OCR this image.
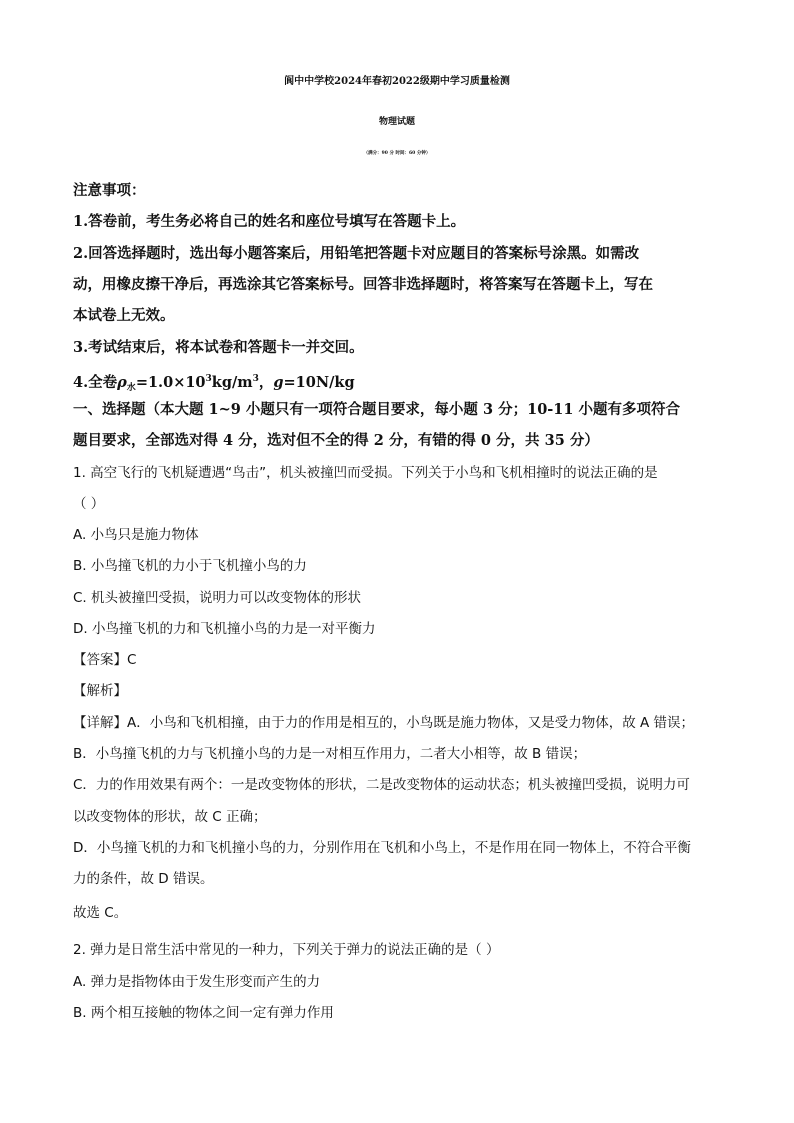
阆中中学校2024年春初2022级期中学习质量检测
物理试题
（满分：90 分 时间：60 分钟）
注意事项：
1.答卷前，考生务必将自己的姓名和座位号填写在答题卡上。
2.回答选择题时，选出每小题答案后，用铅笔把答题卡对应题目的答案标号涂黑。如需改
动，用橡皮擦干净后，再选涂其它答案标号。回答非选择题时，将答案写在答题卡上，写在
本试卷上无效。
3.考试结束后，将本试卷和答题卡一并交回。
4.全卷$\rho_水=1.0\times 10^3kg/m^3$，g=10N/kg
一、选择题（本大题 1~9 小题只有一项符合题目要求，每小题 3 分；10-11 小题有多项符合
题目要求，全部选对得 4 分，选对但不全的得 2 分，有错的得 0 分，共 35 分）
1. 高空飞行的飞机疑遭遇“鸟击”，机头被撞凹而受损。下列关于小鸟和飞机相撞时的说法正确的是
（ ）
A. 小鸟只是施力物体
B. 小鸟撞飞机的力小于飞机撞小鸟的力
C. 机头被撞凹受损，说明力可以改变物体的形状
D. 小鸟撞飞机的力和飞机撞小鸟的力是一对平衡力
【答案】C
【解析】
【详解】A．小鸟和飞机相撞，由于力的作用是相互的，小鸟既是施力物体，又是受力物体，故 A 错误；
B．小鸟撞飞机的力与飞机撞小鸟的力是一对相互作用力，二者大小相等，故 B 错误；
C．力的作用效果有两个：一是改变物体的形状，二是改变物体的运动状态；机头被撞凹受损，说明力可
以改变物体的形状，故 C 正确；
D．小鸟撞飞机的力和飞机撞小鸟的力，分别作用在飞机和小鸟上，不是作用在同一物体上，不符合平衡
力的条件，故 D 错误。
故选 C。
2. 弹力是日常生活中常见的一种力，下列关于弹力的说法正确的是（ ）
A. 弹力是指物体由于发生形变而产生的力
B. 两个相互接触的物体之间一定有弹力作用
